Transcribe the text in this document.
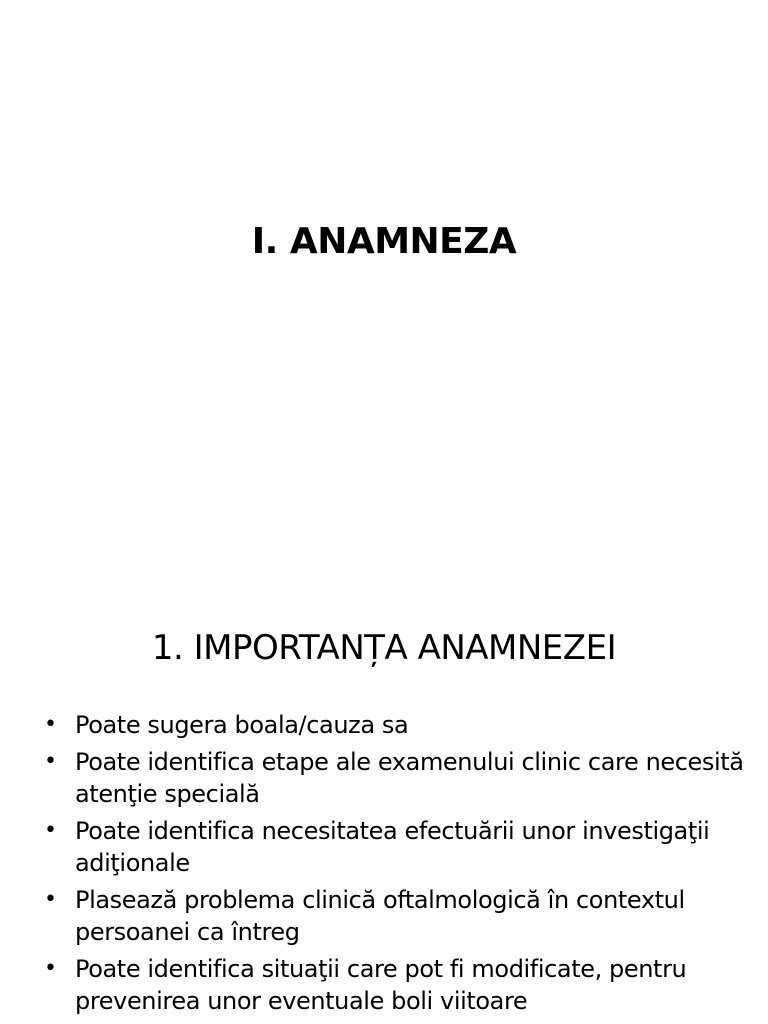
I. ANAMNEZA
1. IMPORTANȚA ANAMNEZEI
• Poate sugera boala/cauza sa
• Poate identifica etape ale examenului clinic care necesită atenţie specială
• Poate identifica necesitatea efectuării unor investigaţii adiţionale
• Plasează problema clinică oftalmologică în contextul persoanei ca întreg
• Poate identifica situaţii care pot fi modificate, pentru prevenirea unor eventuale boli viitoare
